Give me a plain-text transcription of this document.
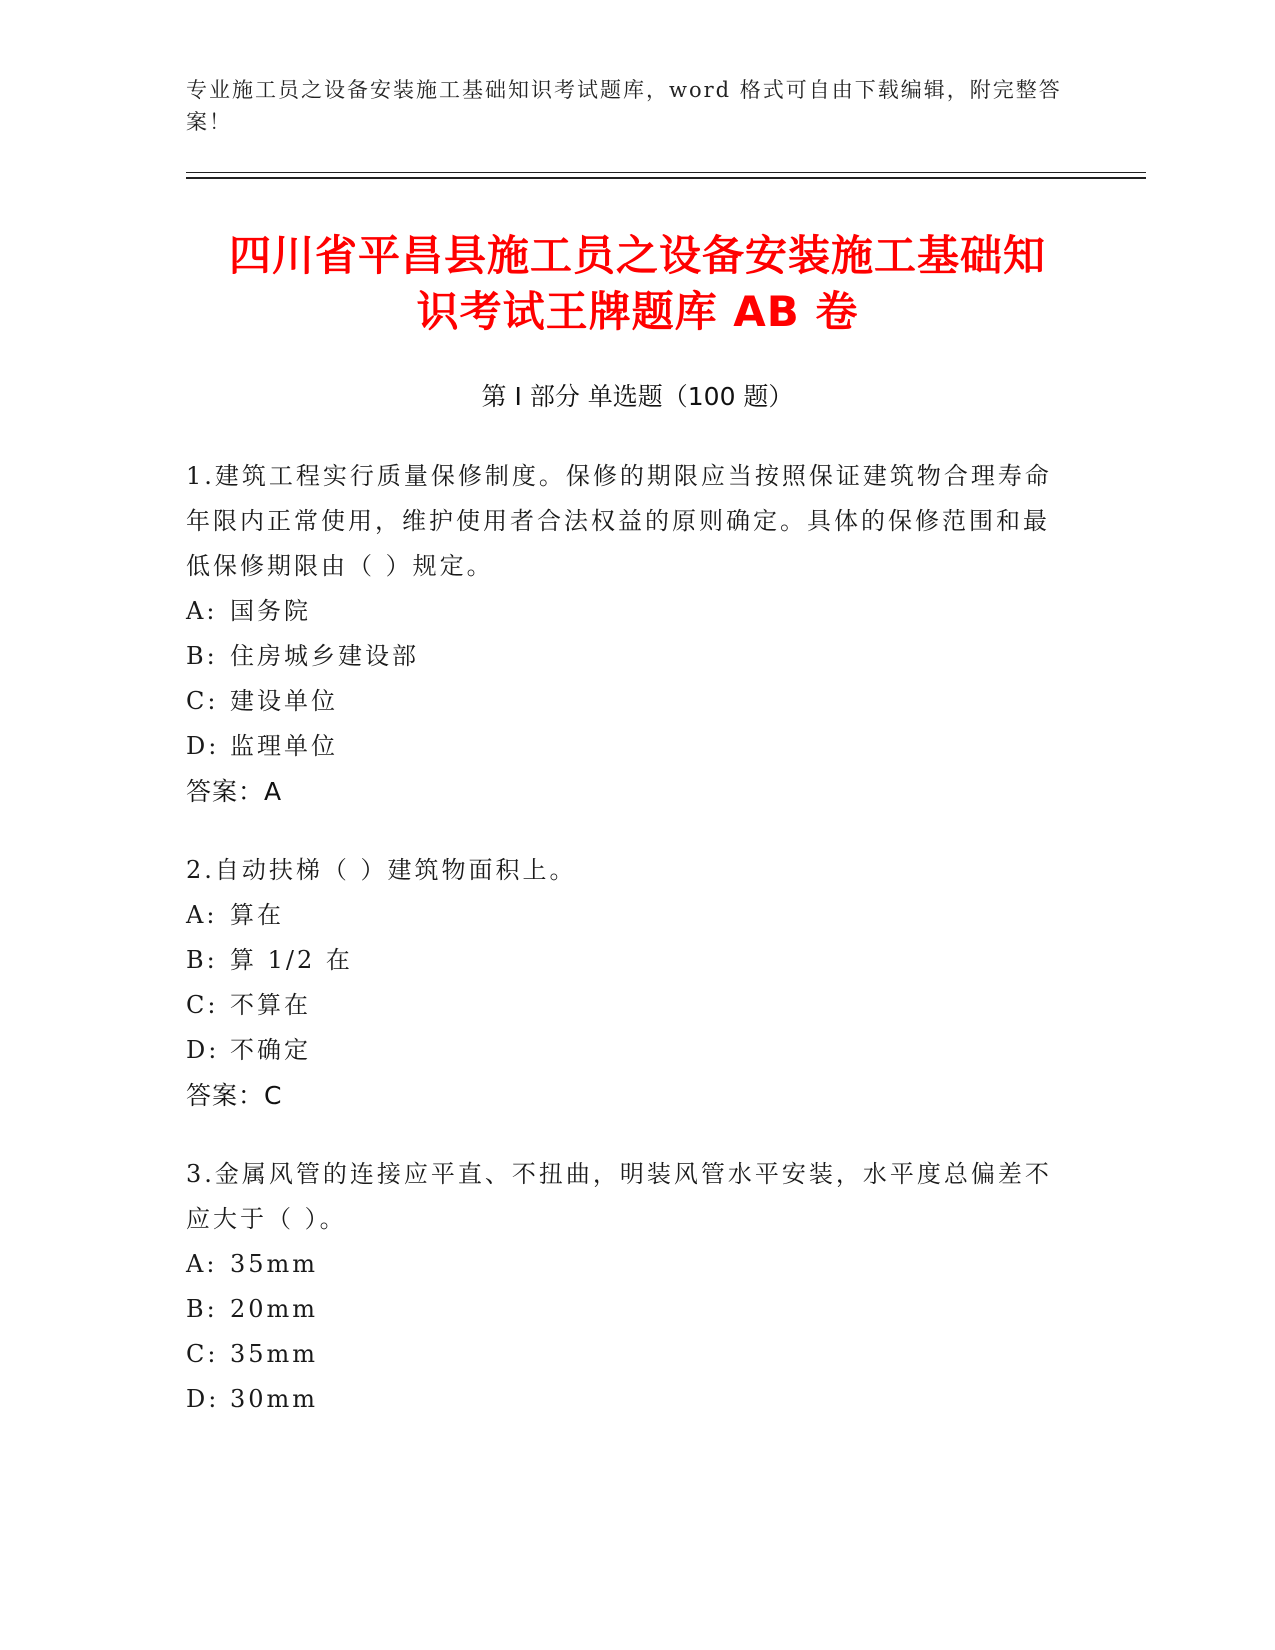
专业施工员之设备安装施工基础知识考试题库，word 格式可自由下载编辑，附完整答案！
四川省平昌县施工员之设备安装施工基础知
识考试王牌题库 AB 卷
第 I 部分 单选题（100 题）

1.建筑工程实行质量保修制度。保修的期限应当按照保证建筑物合理寿命年限内正常使用，维护使用者合法权益的原则确定。具体的保修范围和最低保修期限由（ ）规定。

A: 国务院

B: 住房城乡建设部

C: 建设单位

D: 监理单位

答案：A

2.自动扶梯（ ）建筑物面积上。

A: 算在

B: 算 1/2 在

C: 不算在

D: 不确定

答案：C

3.金属风管的连接应平直、不扭曲，明装风管水平安装，水平度总偏差不应大于（ ）。

A: 35mm

B: 20mm

C: 35mm

D: 30mm
